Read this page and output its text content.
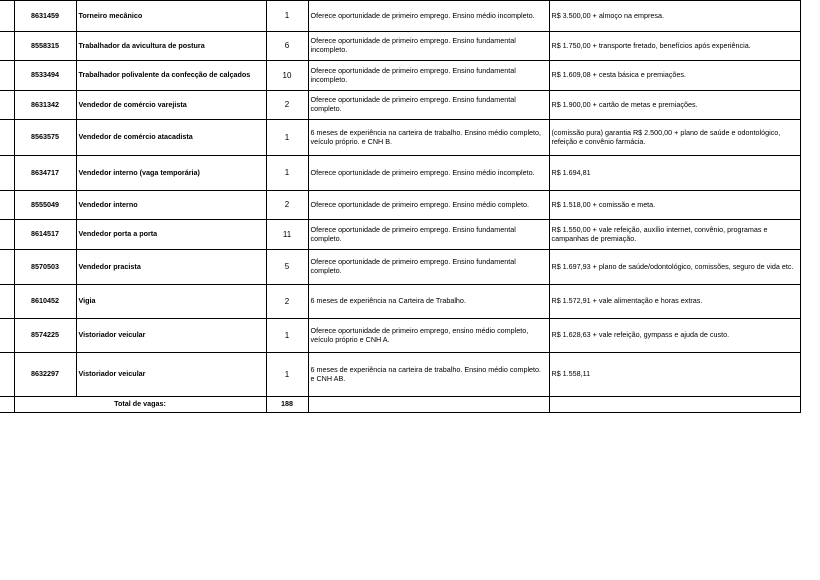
	8631459	Torneiro mecânico	1	Oferece oportunidade de primeiro emprego. Ensino médio incompleto.	R$ 3.500,00 + almoço na empresa.
	8558315	Trabalhador da avicultura de postura	6	Oferece oportunidade de primeiro emprego. Ensino fundamental incompleto.	R$ 1.750,00 + transporte fretado, benefícios após experiência.
	8533494	Trabalhador polivalente da confecção de calçados	10	Oferece oportunidade de primeiro emprego. Ensino fundamental incompleto.	R$ 1.609,08 + cesta básica e premiações.
	8631342	Vendedor de comércio varejista	2	Oferece oportunidade de primeiro emprego. Ensino fundamental completo.	R$ 1.900,00 + cartão de metas e premiações.
	8563575	Vendedor de comércio atacadista	1	6 meses de experiência na carteira de trabalho. Ensino médio completo, veículo próprio. e CNH B.	(comissão pura) garantia R$ 2.500,00 + plano de saúde e odontológico, refeição e convênio farmácia.
	8634717	Vendedor interno (vaga temporária)	1	Oferece oportunidade de primeiro emprego. Ensino médio incompleto.	R$ 1.694,81
	8555049	Vendedor interno	2	Oferece oportunidade de primeiro emprego. Ensino médio completo.	R$ 1.518,00 + comissão e meta.
	8614517	Vendedor porta a porta	11	Oferece oportunidade de primeiro emprego. Ensino fundamental completo.	R$ 1.550,00 + vale refeição, auxílio internet, convênio, programas e campanhas de premiação.
	8570503	Vendedor pracista	5	Oferece oportunidade de primeiro emprego. Ensino fundamental completo.	R$ 1.697,93 + plano de saúde/odontológico, comissões, seguro de vida etc.
	8610452	Vigia	2	6 meses de experiência na Carteira de Trabalho.	R$ 1.572,91 + vale alimentação e horas extras.
	8574225	Vistoriador veicular	1	Oferece oportunidade de primeiro emprego, ensino médio completo, veículo próprio e CNH A.	R$ 1.628,63 + vale refeição, gympass e ajuda de custo.
	8632297	Vistoriador veicular	1	6 meses de experiência na carteira de trabalho. Ensino médio completo. e CNH AB.	R$ 1.558,11
	Total de vagas:		188		
